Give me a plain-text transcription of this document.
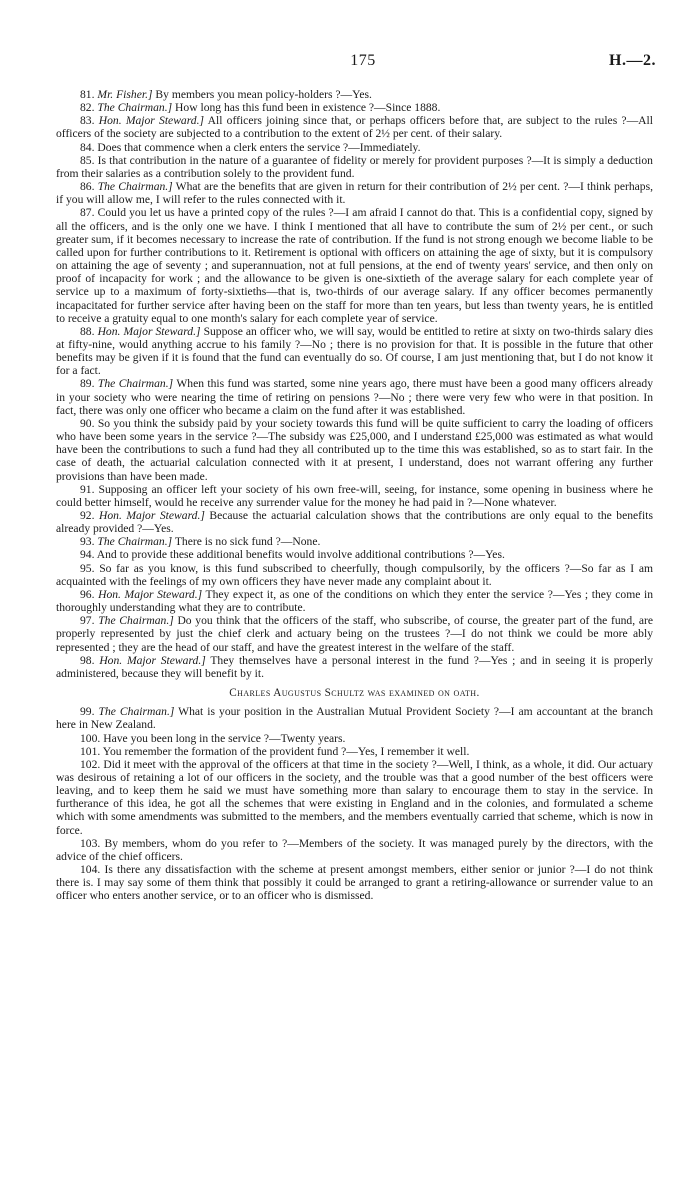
175	H.—2.

81. Mr. Fisher.] By members you mean policy-holders ?—Yes.

82. The Chairman.] How long has this fund been in existence ?—Since 1888.

83. Hon. Major Steward.] All officers joining since that, or perhaps officers before that, are subject to the rules ?—All officers of the society are subjected to a contribution to the extent of 2½ per cent. of their salary.

84. Does that commence when a clerk enters the service ?—Immediately.

85. Is that contribution in the nature of a guarantee of fidelity or merely for provident purposes ?—It is simply a deduction from their salaries as a contribution solely to the provident fund.

86. The Chairman.] What are the benefits that are given in return for their contribution of 2½ per cent. ?—I think perhaps, if you will allow me, I will refer to the rules connected with it.

87. Could you let us have a printed copy of the rules ?—I am afraid I cannot do that. This is a confidential copy, signed by all the officers, and is the only one we have. I think I mentioned that all have to contribute the sum of 2½ per cent., or such greater sum, if it becomes necessary to increase the rate of contribution. If the fund is not strong enough we become liable to be called upon for further contributions to it. Retirement is optional with officers on attaining the age of sixty, but it is compulsory on attaining the age of seventy ; and superannuation, not at full pensions, at the end of twenty years' service, and then only on proof of incapacity for work ; and the allowance to be given is one-sixtieth of the average salary for each complete year of service up to a maximum of forty-sixtieths—that is, two-thirds of our average salary. If any officer becomes permanently incapacitated for further service after having been on the staff for more than ten years, but less than twenty years, he is entitled to receive a gratuity equal to one month's salary for each complete year of service.

88. Hon. Major Steward.] Suppose an officer who, we will say, would be entitled to retire at sixty on two-thirds salary dies at fifty-nine, would anything accrue to his family ?—No ; there is no provision for that. It is possible in the future that other benefits may be given if it is found that the fund can eventually do so. Of course, I am just mentioning that, but I do not know it for a fact.

89. The Chairman.] When this fund was started, some nine years ago, there must have been a good many officers already in your society who were nearing the time of retiring on pensions ?—No ; there were very few who were in that position. In fact, there was only one officer who became a claim on the fund after it was established.

90. So you think the subsidy paid by your society towards this fund will be quite sufficient to carry the loading of officers who have been some years in the service ?—The subsidy was £25,000, and I understand £25,000 was estimated as what would have been the contributions to such a fund had they all contributed up to the time this was established, so as to start fair. In the case of death, the actuarial calculation connected with it at present, I understand, does not warrant offering any further provisions than have been made.

91. Supposing an officer left your society of his own free-will, seeing, for instance, some opening in business where he could better himself, would he receive any surrender value for the money he had paid in ?—None whatever.

92. Hon. Major Steward.] Because the actuarial calculation shows that the contributions are only equal to the benefits already provided ?—Yes.

93. The Chairman.] There is no sick fund ?—None.

94. And to provide these additional benefits would involve additional contributions ?—Yes.

95. So far as you know, is this fund subscribed to cheerfully, though compulsorily, by the officers ?—So far as I am acquainted with the feelings of my own officers they have never made any complaint about it.

96. Hon. Major Steward.] They expect it, as one of the conditions on which they enter the service ?—Yes ; they come in thoroughly understanding what they are to contribute.

97. The Chairman.] Do you think that the officers of the staff, who subscribe, of course, the greater part of the fund, are properly represented by just the chief clerk and actuary being on the trustees ?—I do not think we could be more ably represented ; they are the head of our staff, and have the greatest interest in the welfare of the staff.

98. Hon. Major Steward.] They themselves have a personal interest in the fund ?—Yes ; and in seeing it is properly administered, because they will benefit by it.

Charles Augustus Schultz was examined on oath.

99. The Chairman.] What is your position in the Australian Mutual Provident Society ?—I am accountant at the branch here in New Zealand.

100. Have you been long in the service ?—Twenty years.

101. You remember the formation of the provident fund ?—Yes, I remember it well.

102. Did it meet with the approval of the officers at that time in the society ?—Well, I think, as a whole, it did. Our actuary was desirous of retaining a lot of our officers in the society, and the trouble was that a good number of the best officers were leaving, and to keep them he said we must have something more than salary to encourage them to stay in the service. In furtherance of this idea, he got all the schemes that were existing in England and in the colonies, and formulated a scheme which with some amendments was submitted to the members, and the members eventually carried that scheme, which is now in force.

103. By members, whom do you refer to ?—Members of the society. It was managed purely by the directors, with the advice of the chief officers.

104. Is there any dissatisfaction with the scheme at present amongst members, either senior or junior ?—I do not think there is. I may say some of them think that possibly it could be arranged to grant a retiring-allowance or surrender value to an officer who enters another service, or to an officer who is dismissed.
